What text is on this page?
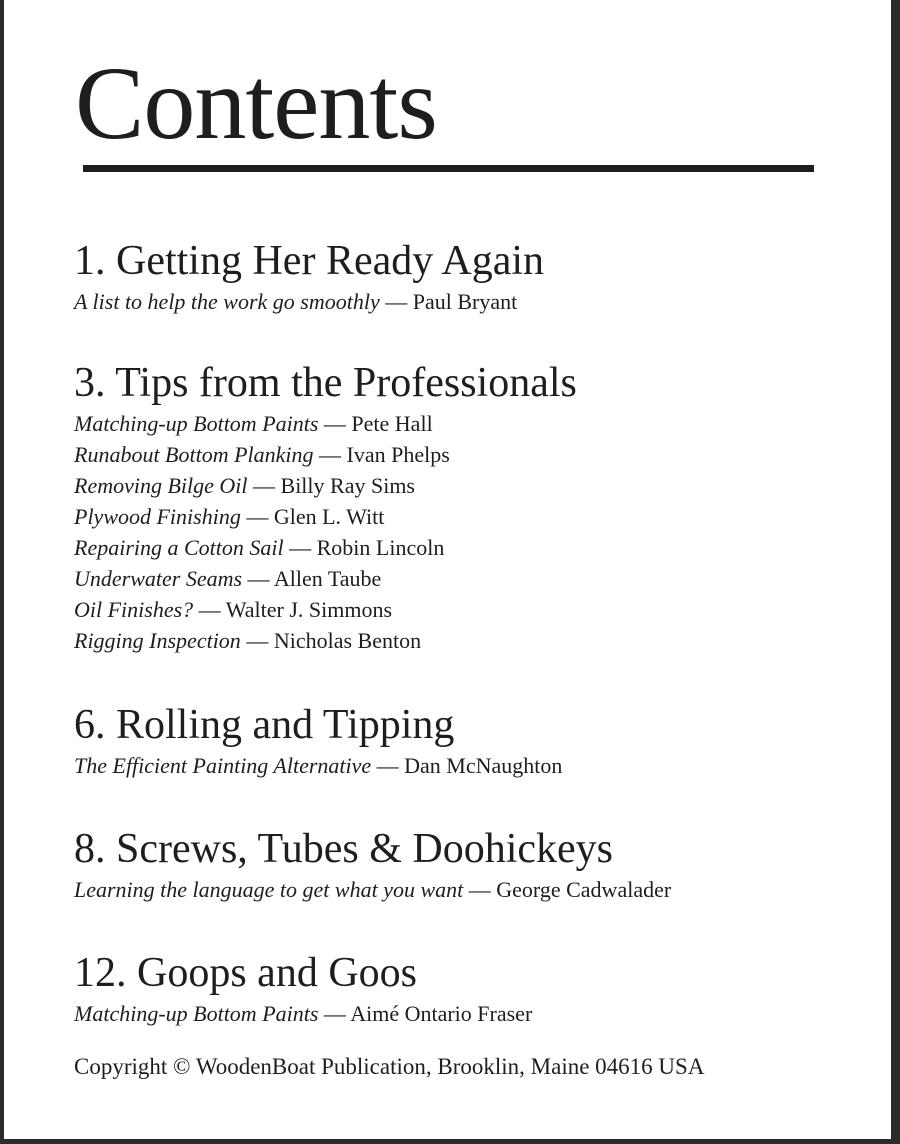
Contents
1. Getting Her Ready Again
A list to help the work go smoothly — Paul Bryant
3. Tips from the Professionals
Matching-up Bottom Paints — Pete Hall
Runabout Bottom Planking — Ivan Phelps
Removing Bilge Oil — Billy Ray Sims
Plywood Finishing — Glen L. Witt
Repairing a Cotton Sail — Robin Lincoln
Underwater Seams — Allen Taube
Oil Finishes? — Walter J. Simmons
Rigging Inspection — Nicholas Benton
6. Rolling and Tipping
The Efficient Painting Alternative — Dan McNaughton
8. Screws, Tubes & Doohickeys
Learning the language to get what you want — George Cadwalader
12. Goops and Goos
Matching-up Bottom Paints — Aimé Ontario Fraser

Copyright © WoodenBoat Publication, Brooklin, Maine 04616 USA
